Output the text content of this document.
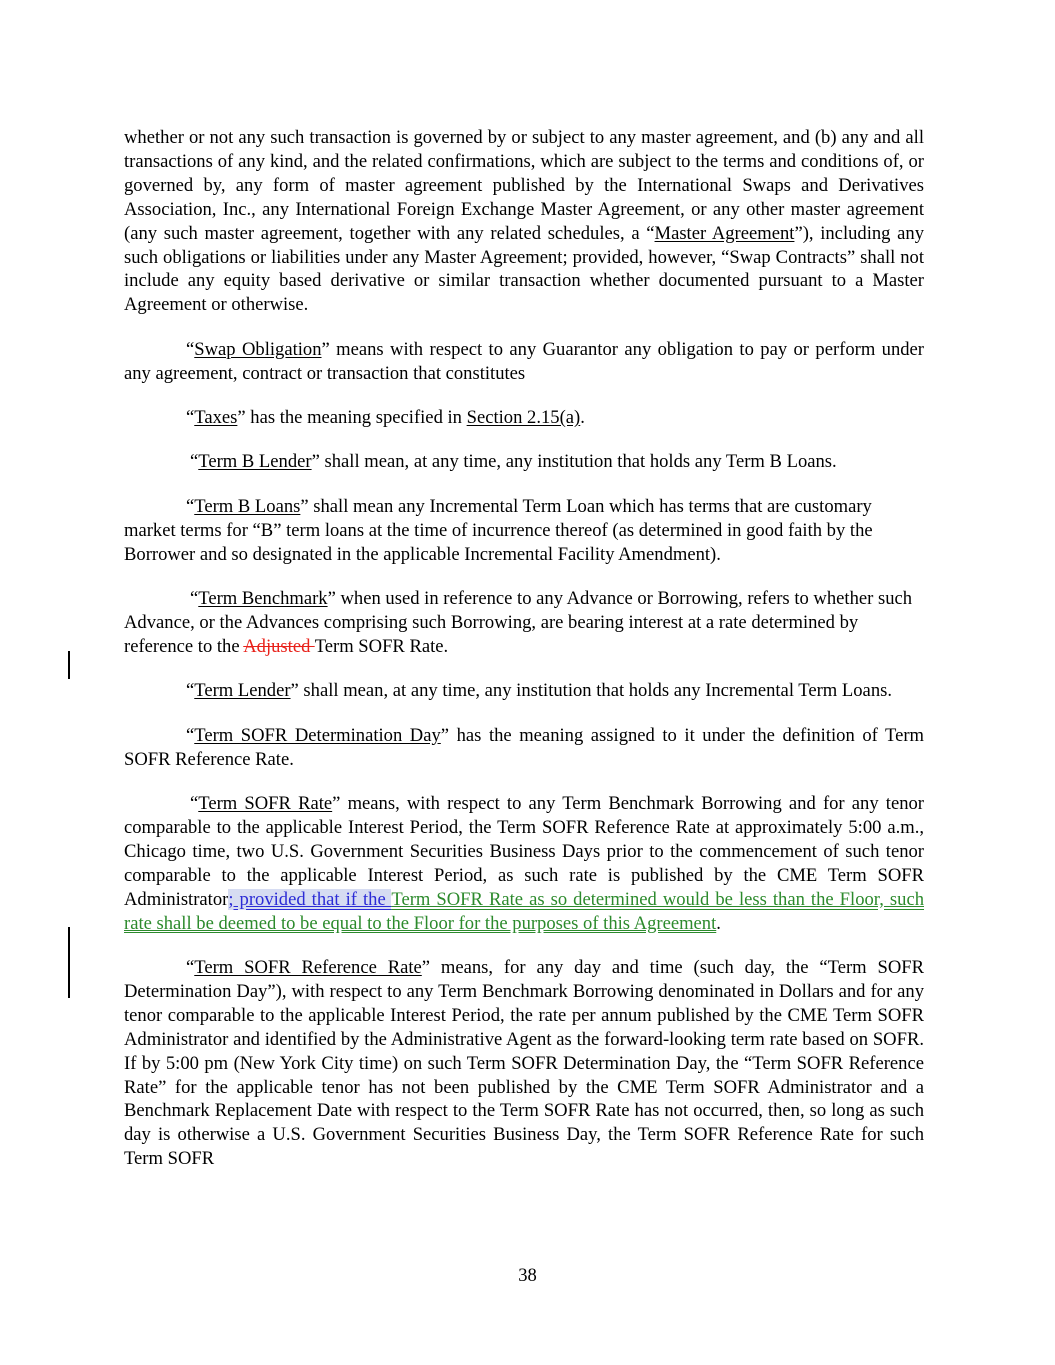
whether or not any such transaction is governed by or subject to any master agreement, and (b) any and all transactions of any kind, and the related confirmations, which are subject to the terms and conditions of, or governed by, any form of master agreement published by the International Swaps and Derivatives Association, Inc., any International Foreign Exchange Master Agreement, or any other master agreement (any such master agreement, together with any related schedules, a “Master Agreement”), including any such obligations or liabilities under any Master Agreement; provided, however, “Swap Contracts” shall not include any equity based derivative or similar transaction whether documented pursuant to a Master Agreement or otherwise.

“Swap Obligation” means with respect to any Guarantor any obligation to pay or perform under any agreement, contract or transaction that constitutes

“Taxes” has the meaning specified in Section 2.15(a).

“Term B Lender” shall mean, at any time, any institution that holds any Term B Loans.

“Term B Loans” shall mean any Incremental Term Loan which has terms that are customary market terms for “B” term loans at the time of incurrence thereof (as determined in good faith by the Borrower and so designated in the applicable Incremental Facility Amendment).

“Term Benchmark” when used in reference to any Advance or Borrowing, refers to whether such Advance, or the Advances comprising such Borrowing, are bearing interest at a rate determined by reference to the Adjusted Term SOFR Rate.

“Term Lender” shall mean, at any time, any institution that holds any Incremental Term Loans.

“Term SOFR Determination Day” has the meaning assigned to it under the definition of Term SOFR Reference Rate.

“Term SOFR Rate” means, with respect to any Term Benchmark Borrowing and for any tenor comparable to the applicable Interest Period, the Term SOFR Reference Rate at approximately 5:00 a.m., Chicago time, two U.S. Government Securities Business Days prior to the commencement of such tenor comparable to the applicable Interest Period, as such rate is published by the CME Term SOFR Administrator; provided that if the Term SOFR Rate as so determined would be less than the Floor, such rate shall be deemed to be equal to the Floor for the purposes of this Agreement.

“Term SOFR Reference Rate” means, for any day and time (such day, the “Term SOFR Determination Day”), with respect to any Term Benchmark Borrowing denominated in Dollars and for any tenor comparable to the applicable Interest Period, the rate per annum published by the CME Term SOFR Administrator and identified by the Administrative Agent as the forward-looking term rate based on SOFR. If by 5:00 pm (New York City time) on such Term SOFR Determination Day, the “Term SOFR Reference Rate” for the applicable tenor has not been published by the CME Term SOFR Administrator and a Benchmark Replacement Date with respect to the Term SOFR Rate has not occurred, then, so long as such day is otherwise a U.S. Government Securities Business Day, the Term SOFR Reference Rate for such Term SOFR

38
